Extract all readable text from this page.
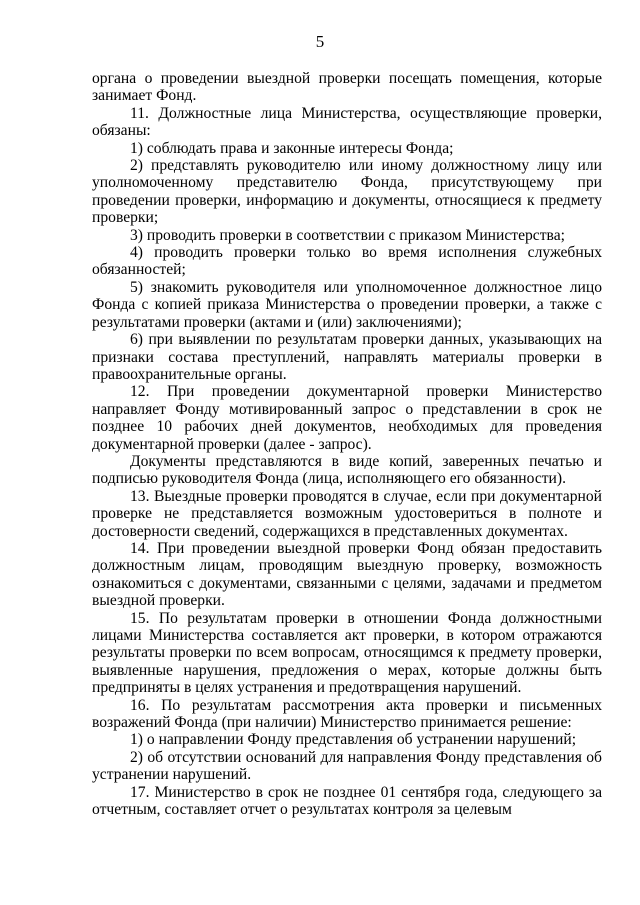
5

органа о проведении выездной проверки посещать помещения, которые занимает Фонд.

11. Должностные лица Министерства, осуществляющие проверки, обязаны:

1) соблюдать права и законные интересы Фонда;

2) представлять руководителю или иному должностному лицу или уполномоченному представителю Фонда, присутствующему при проведении проверки, информацию и документы, относящиеся к предмету проверки;

3) проводить проверки в соответствии с приказом Министерства;

4) проводить проверки только во время исполнения служебных обязанностей;

5) знакомить руководителя или уполномоченное должностное лицо Фонда с копией приказа Министерства о проведении проверки, а также с результатами проверки (актами и (или) заключениями);

6) при выявлении по результатам проверки данных, указывающих на признаки состава преступлений, направлять материалы проверки в правоохранительные органы.

12. При проведении документарной проверки Министерство направляет Фонду мотивированный запрос о представлении в срок не позднее 10 рабочих дней документов, необходимых для проведения документарной проверки (далее - запрос).

Документы представляются в виде копий, заверенных печатью и подписью руководителя Фонда (лица, исполняющего его обязанности).

13. Выездные проверки проводятся в случае, если при документарной проверке не представляется возможным удостовериться в полноте и достоверности сведений, содержащихся в представленных документах.

14. При проведении выездной проверки Фонд обязан предоставить должностным лицам, проводящим выездную проверку, возможность ознакомиться с документами, связанными с целями, задачами и предметом выездной проверки.

15. По результатам проверки в отношении Фонда должностными лицами Министерства составляется акт проверки, в котором отражаются результаты проверки по всем вопросам, относящимся к предмету проверки, выявленные нарушения, предложения о мерах, которые должны быть предприняты в целях устранения и предотвращения нарушений.

16. По результатам рассмотрения акта проверки и письменных возражений Фонда (при наличии) Министерство принимается решение:

1) о направлении Фонду представления об устранении нарушений;

2) об отсутствии оснований для направления Фонду представления об устранении нарушений.

17. Министерство в срок не позднее 01 сентября года, следующего за отчетным, составляет отчет о результатах контроля за целевым
